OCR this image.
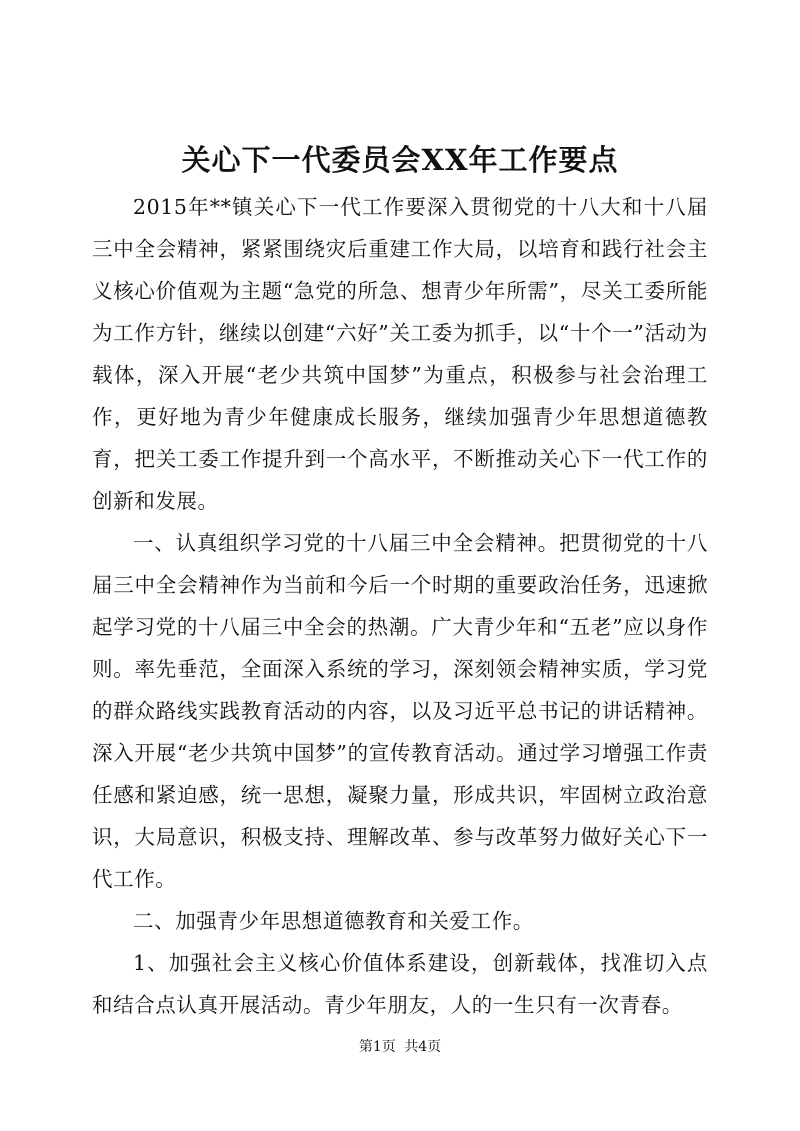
关心下一代委员会XX年工作要点

2015年**镇关心下一代工作要深入贯彻党的十八大和十八届三中全会精神，紧紧围绕灾后重建工作大局，以培育和践行社会主义核心价值观为主题“急党的所急、想青少年所需”，尽关工委所能为工作方针，继续以创建“六好”关工委为抓手，以“十个一”活动为载体，深入开展“老少共筑中国梦”为重点，积极参与社会治理工作，更好地为青少年健康成长服务，继续加强青少年思想道德教育，把关工委工作提升到一个高水平，不断推动关心下一代工作的创新和发展。

一、认真组织学习党的十八届三中全会精神。把贯彻党的十八届三中全会精神作为当前和今后一个时期的重要政治任务，迅速掀起学习党的十八届三中全会的热潮。广大青少年和“五老”应以身作则。率先垂范，全面深入系统的学习，深刻领会精神实质，学习党的群众路线实践教育活动的内容，以及习近平总书记的讲话精神。深入开展“老少共筑中国梦”的宣传教育活动。通过学习增强工作责任感和紧迫感，统一思想，凝聚力量，形成共识，牢固树立政治意识，大局意识，积极支持、理解改革、参与改革努力做好关心下一代工作。

二、加强青少年思想道德教育和关爱工作。

1、加强社会主义核心价值体系建设，创新载体，找准切入点和结合点认真开展活动。青少年朋友，人的一生只有一次青春。

第1页 共4页
